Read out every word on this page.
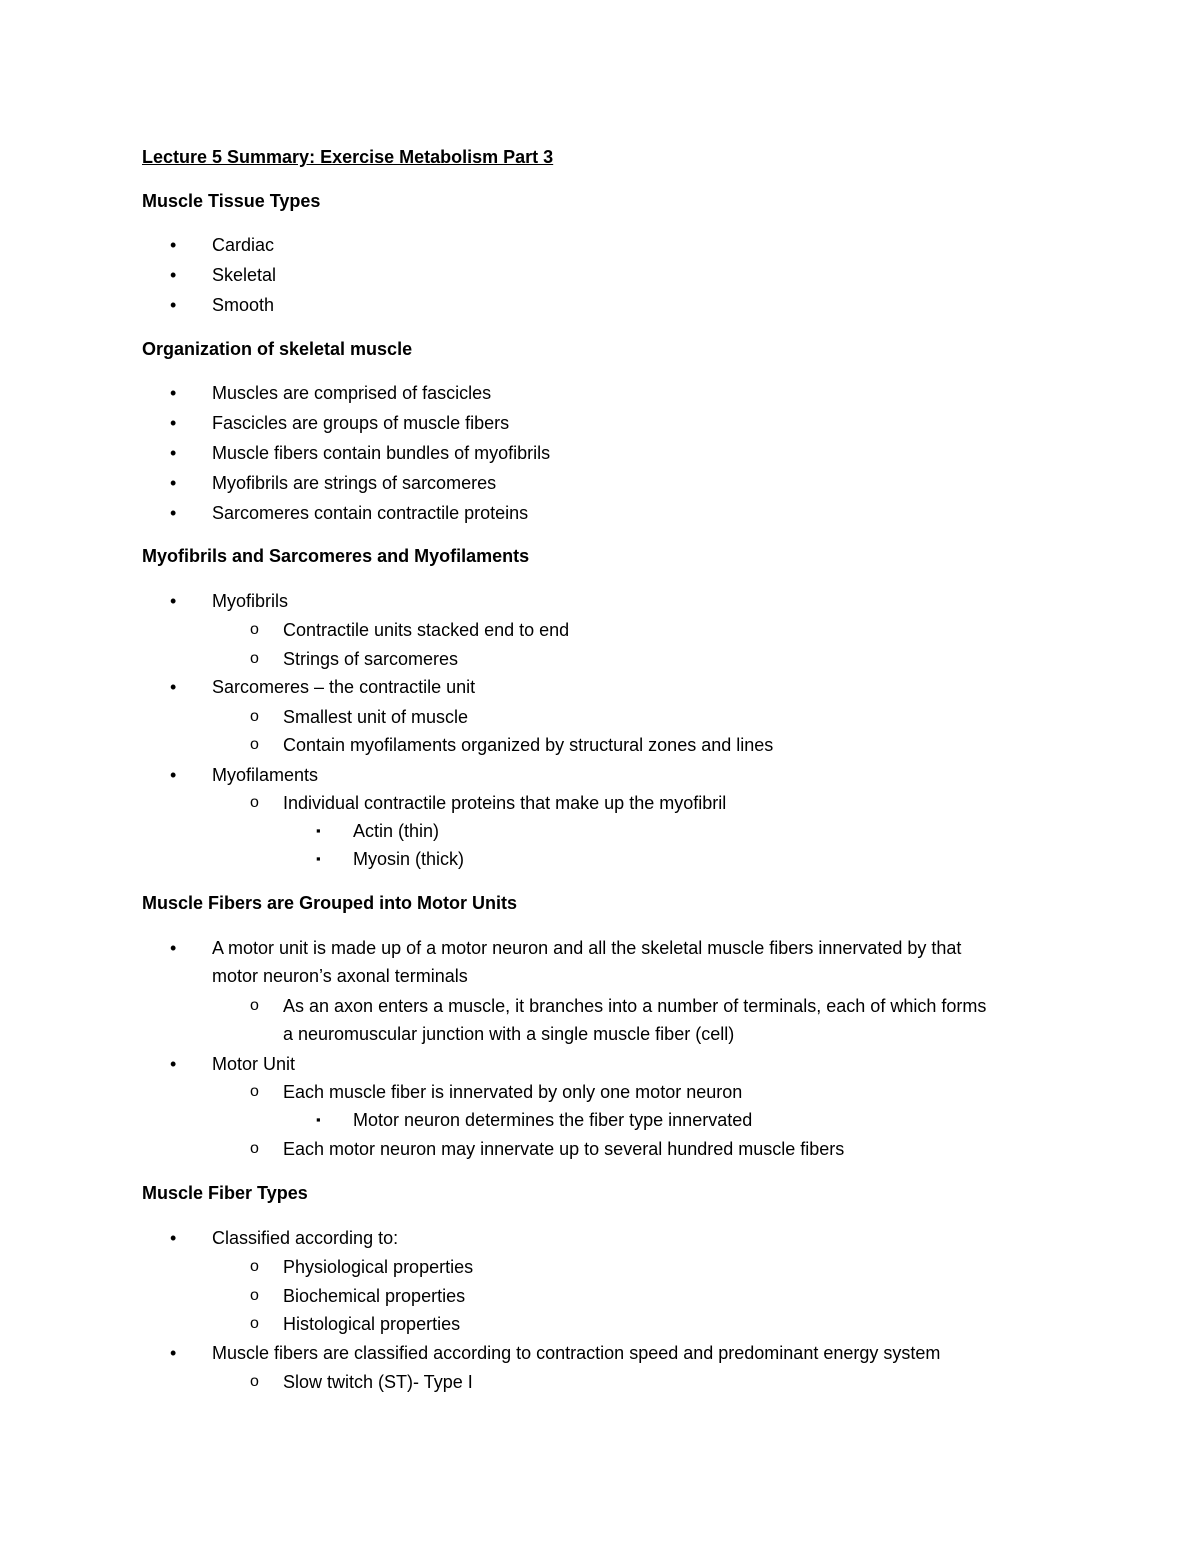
Lecture 5 Summary: Exercise Metabolism Part 3
Muscle Tissue Types
• Cardiac
• Skeletal
• Smooth
Organization of skeletal muscle
• Muscles are comprised of fascicles
• Fascicles are groups of muscle fibers
• Muscle fibers contain bundles of myofibrils
• Myofibrils are strings of sarcomeres
• Sarcomeres contain contractile proteins
Myofibrils and Sarcomeres and Myofilaments
• Myofibrils
o Contractile units stacked end to end
o Strings of sarcomeres
• Sarcomeres – the contractile unit
o Smallest unit of muscle
o Contain myofilaments organized by structural zones and lines
• Myofilaments
o Individual contractile proteins that make up the myofibril
▪ Actin (thin)
▪ Myosin (thick)
Muscle Fibers are Grouped into Motor Units
• A motor unit is made up of a motor neuron and all the skeletal muscle fibers innervated by that
motor neuron’s axonal terminals
o As an axon enters a muscle, it branches into a number of terminals, each of which forms
a neuromuscular junction with a single muscle fiber (cell)
• Motor Unit
o Each muscle fiber is innervated by only one motor neuron
▪ Motor neuron determines the fiber type innervated
o Each motor neuron may innervate up to several hundred muscle fibers
Muscle Fiber Types
• Classified according to:
o Physiological properties
o Biochemical properties
o Histological properties
• Muscle fibers are classified according to contraction speed and predominant energy system
o Slow twitch (ST)- Type I
